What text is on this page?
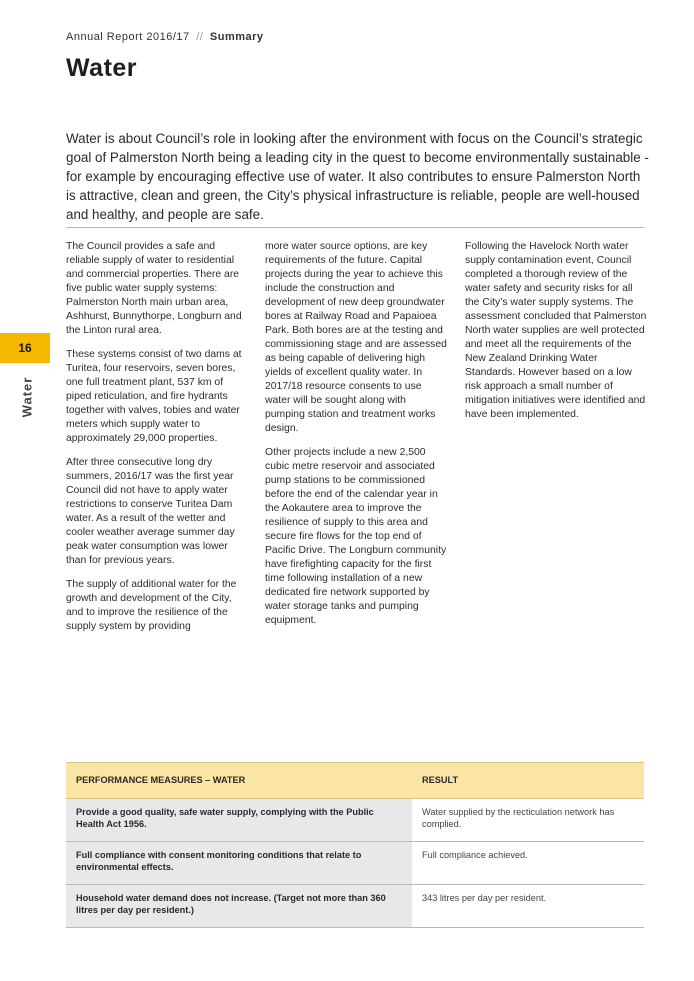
Annual Report 2016/17 // Summary
Water

Water is about Council’s role in looking after the environment with focus on the Council’s strategic goal of Palmerston North being a leading city in the quest to become environmentally sustainable - for example by encouraging effective use of water. It also contributes to ensure Palmerston North is attractive, clean and green, the City’s physical infrastructure is reliable, people are well-housed and healthy, and people are safe.

16
Water

The Council provides a safe and reliable supply of water to residential and commercial properties. There are five public water supply systems: Palmerston North main urban area, Ashhurst, Bunnythorpe, Longburn and the Linton rural area.

These systems consist of two dams at Turitea, four reservoirs, seven bores, one full treatment plant, 537 km of piped reticulation, and fire hydrants together with valves, tobies and water meters which supply water to approximately 29,000 properties.

After three consecutive long dry summers, 2016/17 was the first year Council did not have to apply water restrictions to conserve Turitea Dam water. As a result of the wetter and cooler weather average summer day peak water consumption was lower than for previous years.

The supply of additional water for the growth and development of the City, and to improve the resilience of the supply system by providing

more water source options, are key requirements of the future. Capital projects during the year to achieve this include the construction and development of new deep groundwater bores at Railway Road and Papaioea Park. Both bores are at the testing and commissioning stage and are assessed as being capable of delivering high yields of excellent quality water. In 2017/18 resource consents to use water will be sought along with pumping station and treatment works design.

Other projects include a new 2,500 cubic metre reservoir and associated pump stations to be commissioned before the end of the calendar year in the Aokautere area to improve the resilience of supply to this area and secure fire flows for the top end of Pacific Drive. The Longburn community have firefighting capacity for the first time following installation of a new dedicated fire network supported by water storage tanks and pumping equipment.

Following the Havelock North water supply contamination event, Council completed a thorough review of the water safety and security risks for all the City’s water supply systems. The assessment concluded that Palmerston North water supplies are well protected and meet all the requirements of the New Zealand Drinking Water Standards. However based on a low risk approach a small number of mitigation initiatives were identified and have been implemented.

PERFORMANCE MEASURES – WATER	RESULT
Provide a good quality, safe water supply, complying with the Public Health Act 1956.	Water supplied by the recticulation network has complied.
Full compliance with consent monitoring conditions that relate to environmental effects.	Full compliance achieved.
Household water demand does not increase. (Target not more than 360 litres per day per resident.)	343 litres per day per resident.
